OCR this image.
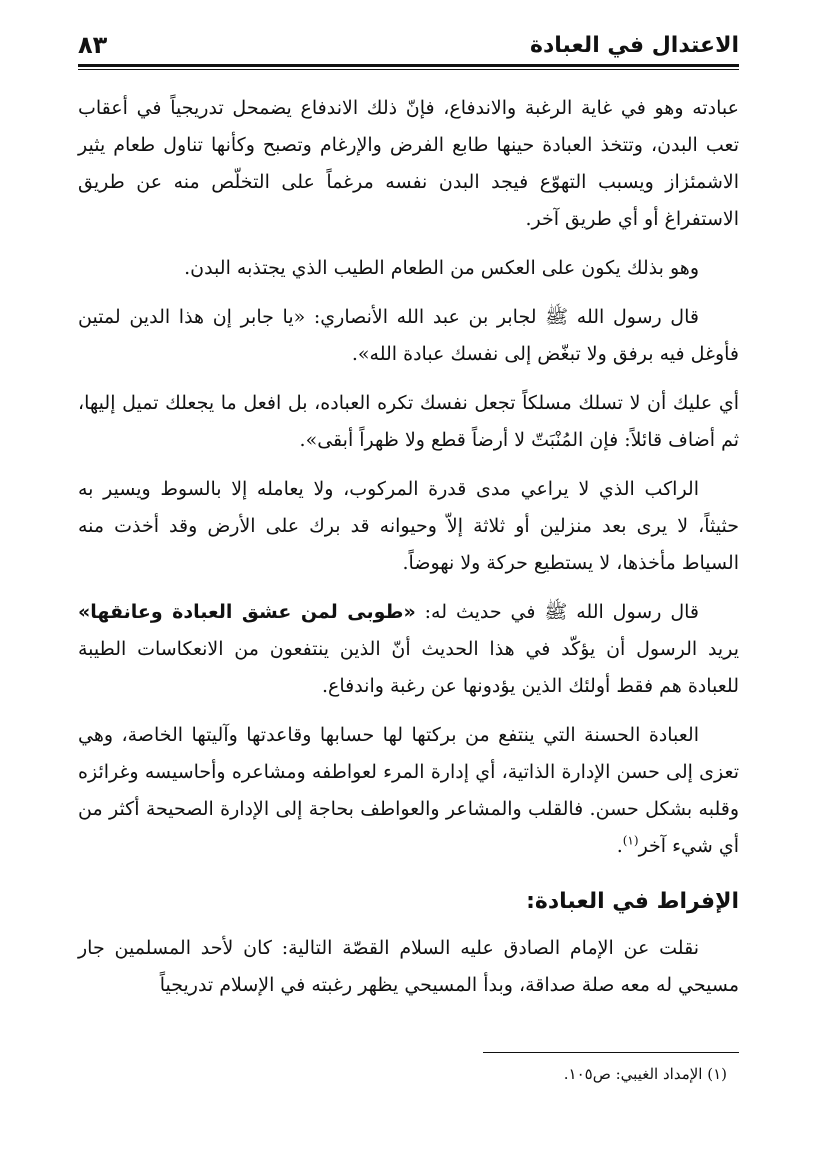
الاعتدال في العبادة
٨٣

عبادته وهو في غاية الرغبة والاندفاع، فإنّ ذلك الاندفاع يضمحل تدريجياً في أعقاب تعب البدن، وتتخذ العبادة حينها طابع الفرض والإرغام وتصبح وكأنها تناول طعام يثير الاشمئزاز ويسبب التهوّع فيجد البدن نفسه مرغماً على التخلّص منه عن طريق الاستفراغ أو أي طريق آخر.

وهو بذلك يكون على العكس من الطعام الطيب الذي يجتذبه البدن.

قال رسول الله ﷺ لجابر بن عبد الله الأنصاري: «يا جابر إن هذا الدين لمتين فأوغل فيه برفق ولا تبغّض إلى نفسك عبادة الله».

أي عليك أن لا تسلك مسلكاً تجعل نفسك تكره العباده، بل افعل ما يجعلك تميل إليها، ثم أضاف قائلاً: فإن المُنْبَتّ لا أرضاً قطع ولا ظهراً أبقى».

الراكب الذي لا يراعي مدى قدرة المركوب، ولا يعامله إلا بالسوط ويسير به حثيثاً، لا يرى بعد منزلين أو ثلاثة إلاّ وحيوانه قد برك على الأرض وقد أخذت منه السياط مأخذها، لا يستطيع حركة ولا نهوضاً.

قال رسول الله ﷺ في حديث له: «طوبى لمن عشق العبادة وعانقها» يريد الرسول أن يؤكّد في هذا الحديث أنّ الذين ينتفعون من الانعكاسات الطيبة للعبادة هم فقط أولئك الذين يؤدونها عن رغبة واندفاع.

العبادة الحسنة التي ينتفع من بركتها لها حسابها وقاعدتها وآليتها الخاصة، وهي تعزى إلى حسن الإدارة الذاتية، أي إدارة المرء لعواطفه ومشاعره وأحاسيسه وغرائزه وقلبه بشكل حسن. فالقلب والمشاعر والعواطف بحاجة إلى الإدارة الصحيحة أكثر من أي شيء آخر$^{(١)}$.

الإفراط في العبادة:

نقلت عن الإمام الصادق عليه السلام القصّة التالية: كان لأحد المسلمين جار مسيحي له معه صلة صداقة، وبدأ المسيحي يظهر رغبته في الإسلام تدريجياً

(١) الإمداد الغيبي: ص١٠٥.
